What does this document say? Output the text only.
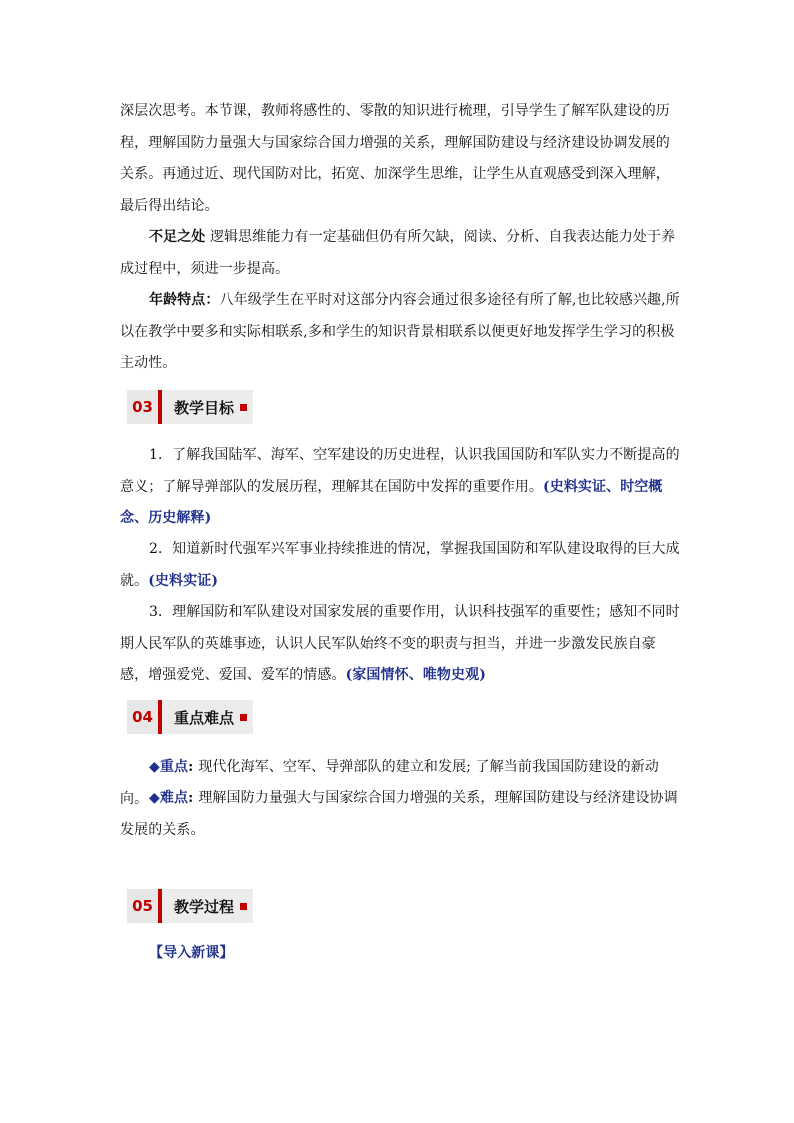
深层次思考。本节课，教师将感性的、零散的知识进行梳理，引导学生了解军队建设的历程，理解国防力量强大与国家综合国力增强的关系，理解国防建设与经济建设协调发展的关系。再通过近、现代国防对比，拓宽、加深学生思维，让学生从直观感受到深入理解，最后得出结论。
不足之处 逻辑思维能力有一定基础但仍有所欠缺，阅读、分析、自我表达能力处于养成过程中，须进一步提高。
年龄特点：八年级学生在平时对这部分内容会通过很多途径有所了解,也比较感兴趣,所以在教学中要多和实际相联系,多和学生的知识背景相联系以便更好地发挥学生学习的积极主动性。
03	教学目标
1．了解我国陆军、海军、空军建设的历史进程，认识我国国防和军队实力不断提高的意义；了解导弹部队的发展历程，理解其在国防中发挥的重要作用。(史料实证、时空概念、历史解释)
2．知道新时代强军兴军事业持续推进的情况，掌握我国国防和军队建设取得的巨大成就。(史料实证)
3．理解国防和军队建设对国家发展的重要作用，认识科技强军的重要性；感知不同时期人民军队的英雄事迹，认识人民军队始终不变的职责与担当，并进一步激发民族自豪感，增强爱党、爱国、爱军的情感。(家国情怀、唯物史观)
04	重点难点
◆重点: 现代化海军、空军、导弹部队的建立和发展; 了解当前我国国防建设的新动向。 ◆难点: 理解国防力量强大与国家综合国力增强的关系，理解国防建设与经济建设协调发展的关系。
05	教学过程
【导入新课】
